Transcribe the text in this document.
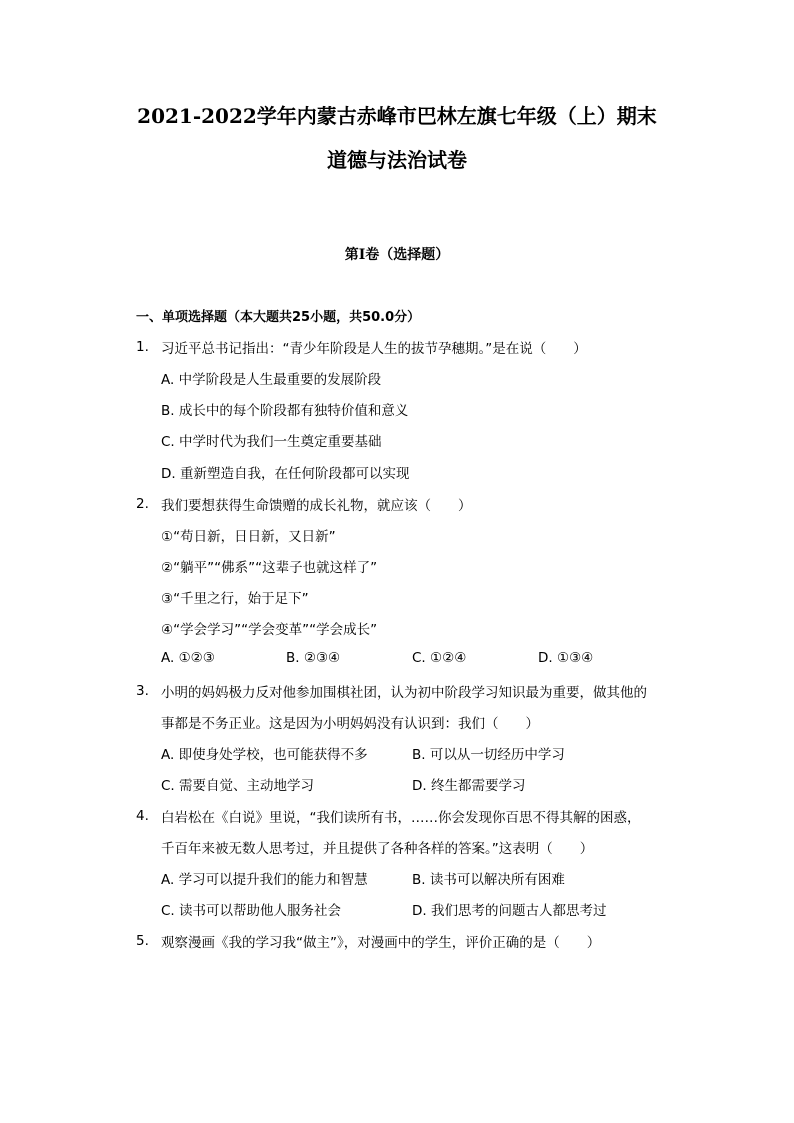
2021-2022学年内蒙古赤峰市巴林左旗七年级（上）期末
道德与法治试卷
第Ⅰ卷（选择题）
一、单项选择题（本大题共25小题，共50.0分）
1. 习近平总书记指出：“青少年阶段是人生的拔节孕穗期。”是在说（　　）
A. 中学阶段是人生最重要的发展阶段
B. 成长中的每个阶段都有独特价值和意义
C. 中学时代为我们一生奠定重要基础
D. 重新塑造自我，在任何阶段都可以实现
2. 我们要想获得生命馈赠的成长礼物，就应该（　　）
①“苟日新，日日新，又日新”
②“躺平”“佛系”“这辈子也就这样了”
③“千里之行，始于足下”
④“学会学习”“学会变革”“学会成长”
A. ①②③	B. ②③④	C. ①②④	D. ①③④
3. 小明的妈妈极力反对他参加围棋社团，认为初中阶段学习知识最为重要，做其他的
事都是不务正业。这是因为小明妈妈没有认识到：我们（　　）
A. 即使身处学校，也可能获得不多	B. 可以从一切经历中学习
C. 需要自觉、主动地学习	D. 终生都需要学习
4. 白岩松在《白说》里说，“我们读所有书，……你会发现你百思不得其解的困惑，
千百年来被无数人思考过，并且提供了各种各样的答案。”这表明（　　）
A. 学习可以提升我们的能力和智慧	B. 读书可以解决所有困难
C. 读书可以帮助他人服务社会	D. 我们思考的问题古人都思考过
5. 观察漫画《我的学习我“做主”》，对漫画中的学生，评价正确的是（　　）
